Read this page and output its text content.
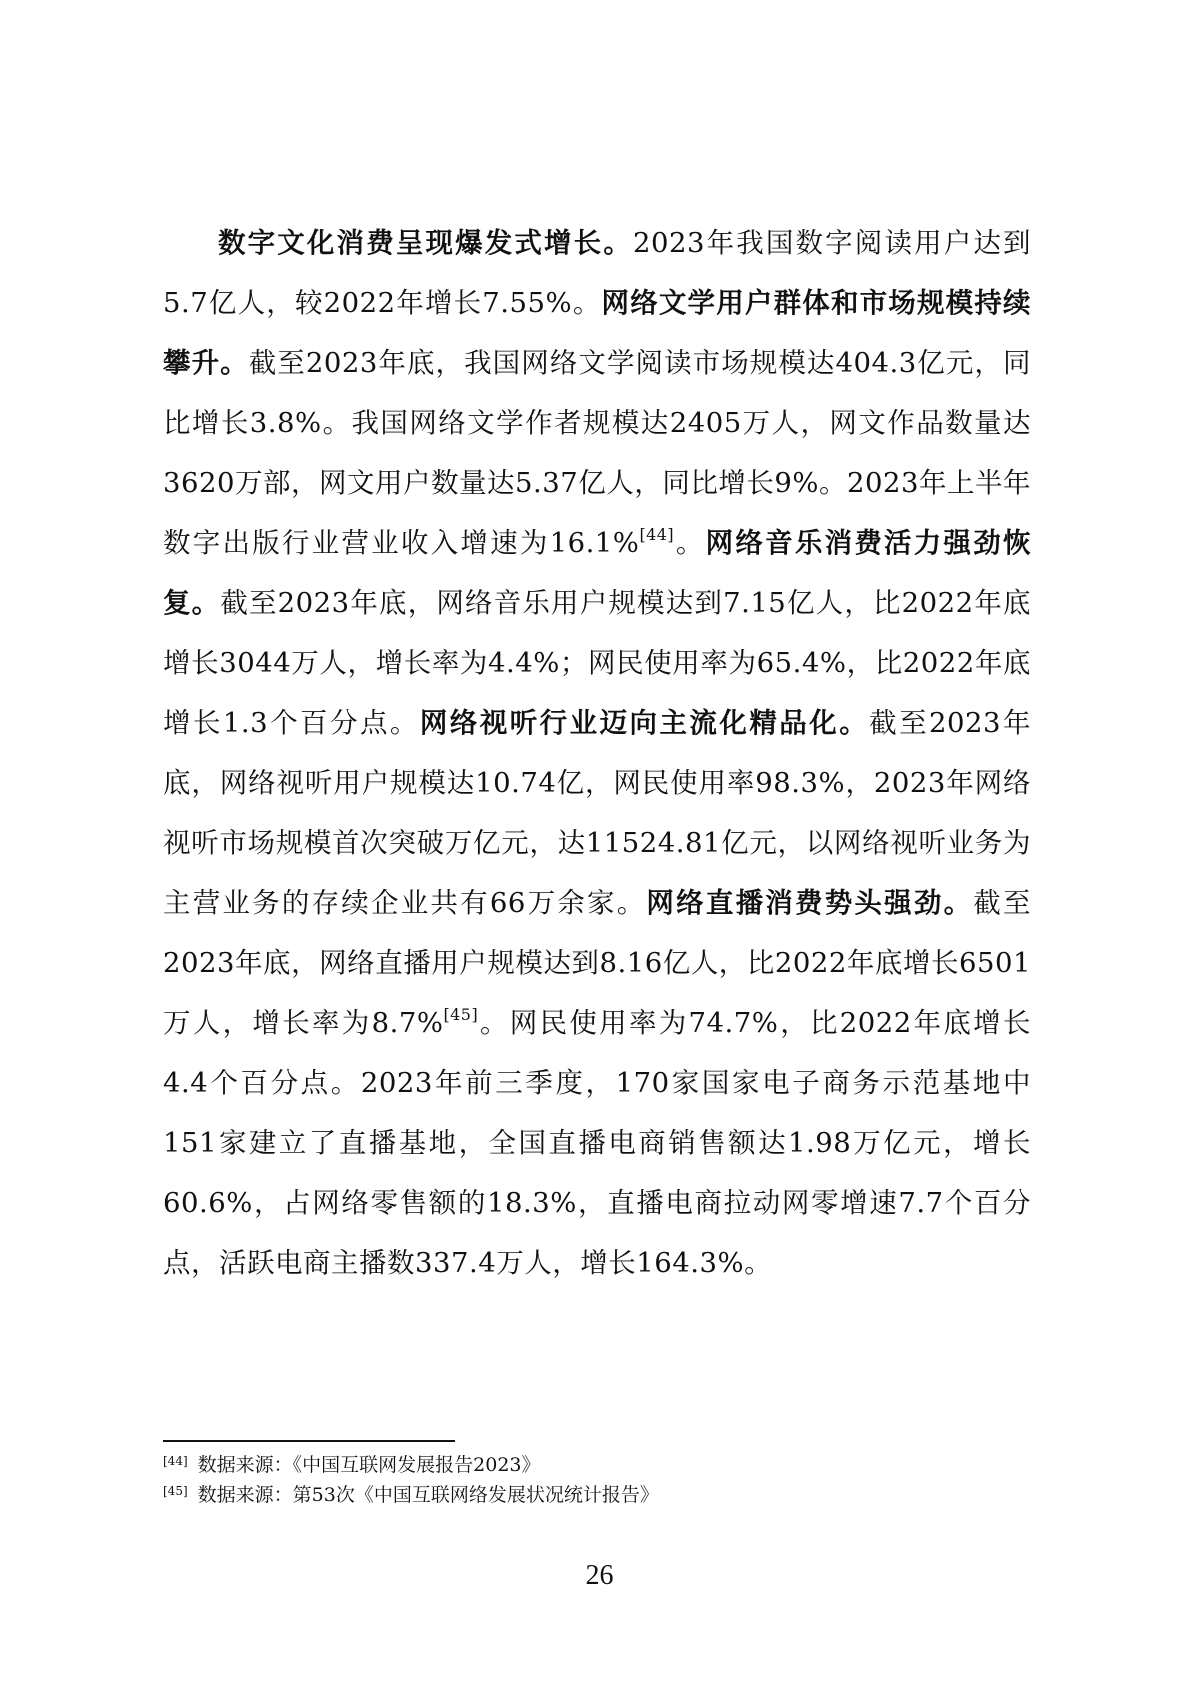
数字文化消费呈现爆发式增长。2023年我国数字阅读用户达到5.7亿人，较2022年增长7.55%。网络文学用户群体和市场规模持续攀升。截至2023年底，我国网络文学阅读市场规模达404.3亿元，同比增长3.8%。我国网络文学作者规模达2405万人，网文作品数量达3620万部，网文用户数量达5.37亿人，同比增长9%。2023年上半年数字出版行业营业收入增速为16.1%[44]。网络音乐消费活力强劲恢复。截至2023年底，网络音乐用户规模达到7.15亿人，比2022年底增长3044万人，增长率为4.4%；网民使用率为65.4%，比2022年底增长1.3个百分点。网络视听行业迈向主流化精品化。截至2023年底，网络视听用户规模达10.74亿，网民使用率98.3%，2023年网络视听市场规模首次突破万亿元，达11524.81亿元，以网络视听业务为主营业务的存续企业共有66万余家。网络直播消费势头强劲。截至2023年底，网络直播用户规模达到8.16亿人，比2022年底增长6501万人，增长率为8.7%[45]。网民使用率为74.7%，比2022年底增长4.4个百分点。2023年前三季度，170家国家电子商务示范基地中151家建立了直播基地，全国直播电商销售额达1.98万亿元，增长60.6%，占网络零售额的18.3%，直播电商拉动网零增速7.7个百分点，活跃电商主播数337.4万人，增长164.3%。

[44] 数据来源：《中国互联网发展报告2023》
[45] 数据来源：第53次《中国互联网络发展状况统计报告》
26
